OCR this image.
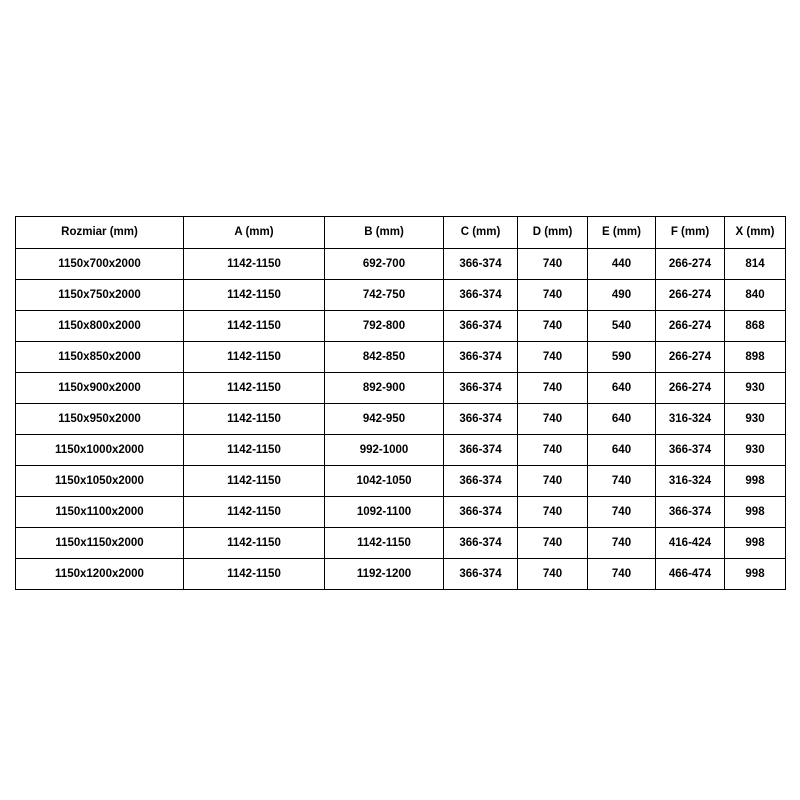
Rozmiar (mm)	A (mm)	B (mm)	C (mm)	D (mm)	E (mm)	F (mm)	X (mm)
1150x700x2000	1142-1150	692-700	366-374	740	440	266-274	814
1150x750x2000	1142-1150	742-750	366-374	740	490	266-274	840
1150x800x2000	1142-1150	792-800	366-374	740	540	266-274	868
1150x850x2000	1142-1150	842-850	366-374	740	590	266-274	898
1150x900x2000	1142-1150	892-900	366-374	740	640	266-274	930
1150x950x2000	1142-1150	942-950	366-374	740	640	316-324	930
1150x1000x2000	1142-1150	992-1000	366-374	740	640	366-374	930
1150x1050x2000	1142-1150	1042-1050	366-374	740	740	316-324	998
1150x1100x2000	1142-1150	1092-1100	366-374	740	740	366-374	998
1150x1150x2000	1142-1150	1142-1150	366-374	740	740	416-424	998
1150x1200x2000	1142-1150	1192-1200	366-374	740	740	466-474	998
